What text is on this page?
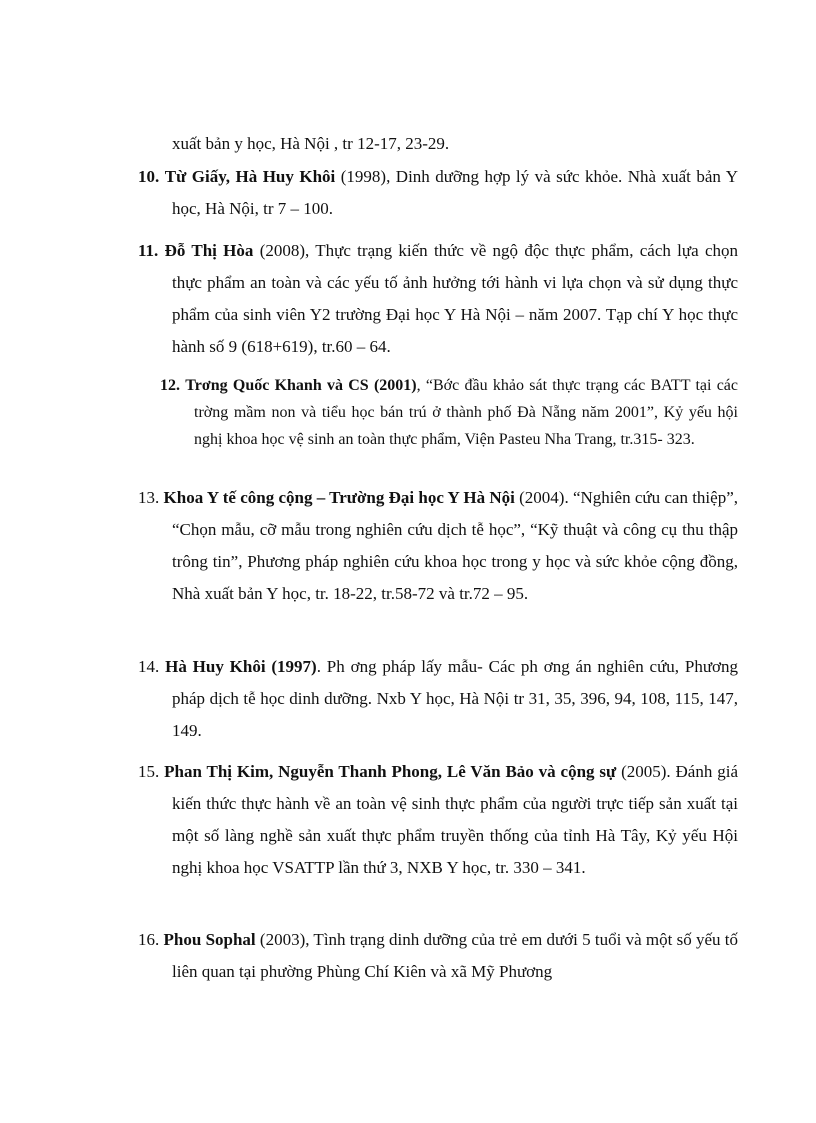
xuất bản y học, Hà Nội , tr 12-17, 23-29.
10. Từ Giấy, Hà Huy Khôi (1998), Dinh dưỡng hợp lý và sức khỏe. Nhà xuất bản Y học, Hà Nội, tr 7 – 100.
11. Đỗ Thị Hòa (2008), Thực trạng kiến thức về ngộ độc thực phẩm, cách lựa chọn thực phẩm an toàn và các yếu tố ảnh hưởng tới hành vi lựa chọn và sử dụng thực phẩm của sinh viên Y2 trường Đại học Y Hà Nội – năm 2007. Tạp chí Y học thực hành số 9 (618+619), tr.60 – 64.
12. Trơng Quốc Khanh và CS (2001), “Bớc đầu khảo sát thực trạng các BATT tại các trờng mầm non và tiểu học bán trú ở thành phố Đà Nẵng năm 2001”, Kỷ yếu hội nghị khoa học vệ sinh an toàn thực phẩm, Viện Pasteu Nha Trang, tr.315- 323.
13. Khoa Y tế công cộng – Trường Đại học Y Hà Nội (2004). “Nghiên cứu can thiệp”, “Chọn mẫu, cỡ mẫu trong nghiên cứu dịch tễ học”, “Kỹ thuật và công cụ thu thập trông tin”, Phương pháp nghiên cứu khoa học trong y học và sức khỏe cộng đồng, Nhà xuất bản Y học, tr. 18-22, tr.58-72 và tr.72 – 95.
14. Hà Huy Khôi (1997). Ph ơng pháp lấy mẫu- Các ph ơng án nghiên cứu, Phương pháp dịch tễ học dinh dưỡng. Nxb Y học, Hà Nội tr 31, 35, 396, 94, 108, 115, 147, 149.
15. Phan Thị Kim, Nguyễn Thanh Phong, Lê Văn Bảo và cộng sự (2005). Đánh giá kiến thức thực hành về an toàn vệ sinh thực phẩm của người trực tiếp sản xuất tại một số làng nghề sản xuất thực phẩm truyền thống của tỉnh Hà Tây, Kỷ yếu Hội nghị khoa học VSATTP lần thứ 3, NXB Y học, tr. 330 – 341.
16. Phou Sophal (2003), Tình trạng dinh dưỡng của trẻ em dưới 5 tuổi và một số yếu tố liên quan tại phường Phùng Chí Kiên và xã Mỹ Phương
